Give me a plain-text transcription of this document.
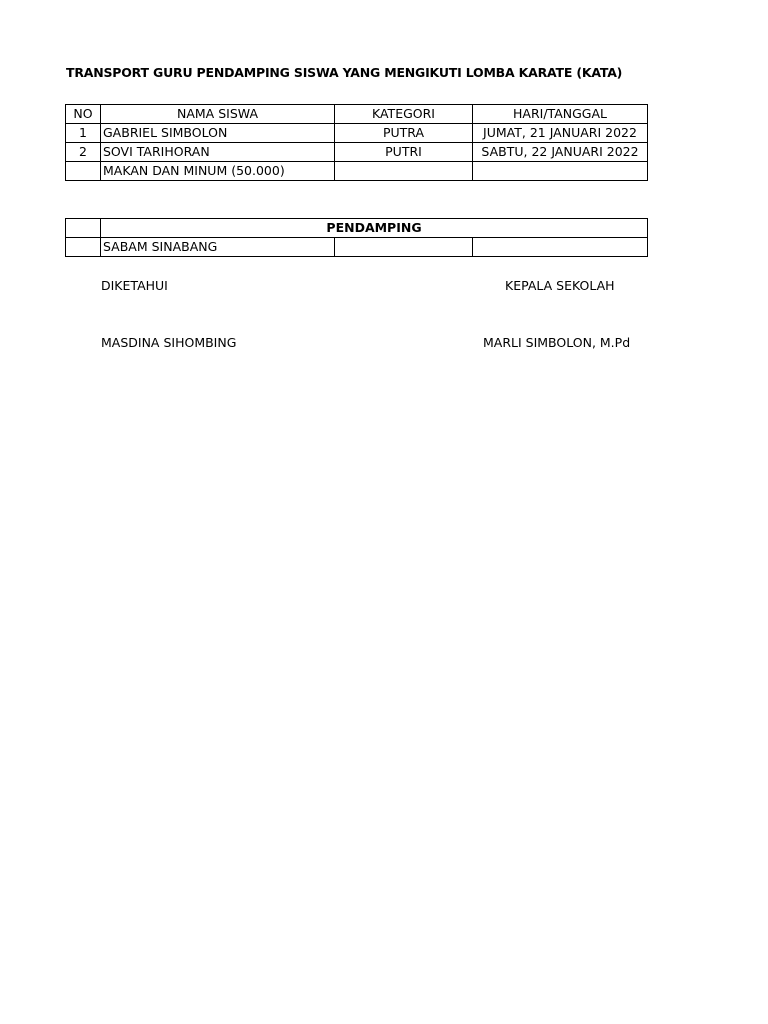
TRANSPORT GURU PENDAMPING SISWA YANG MENGIKUTI LOMBA KARATE (KATA)
NO	NAMA SISWA	KATEGORI	HARI/TANGGAL
1	GABRIEL SIMBOLON	PUTRA	JUMAT, 21 JANUARI 2022
2	SOVI TARIHORAN	PUTRI	SABTU, 22 JANUARI 2022
	MAKAN DAN MINUM (50.000)		
	PENDAMPING		
	SABAM SINABANG		
DIKETAHUI	KEPALA SEKOLAH
MASDINA SIHOMBING	MARLI SIMBOLON, M.Pd
